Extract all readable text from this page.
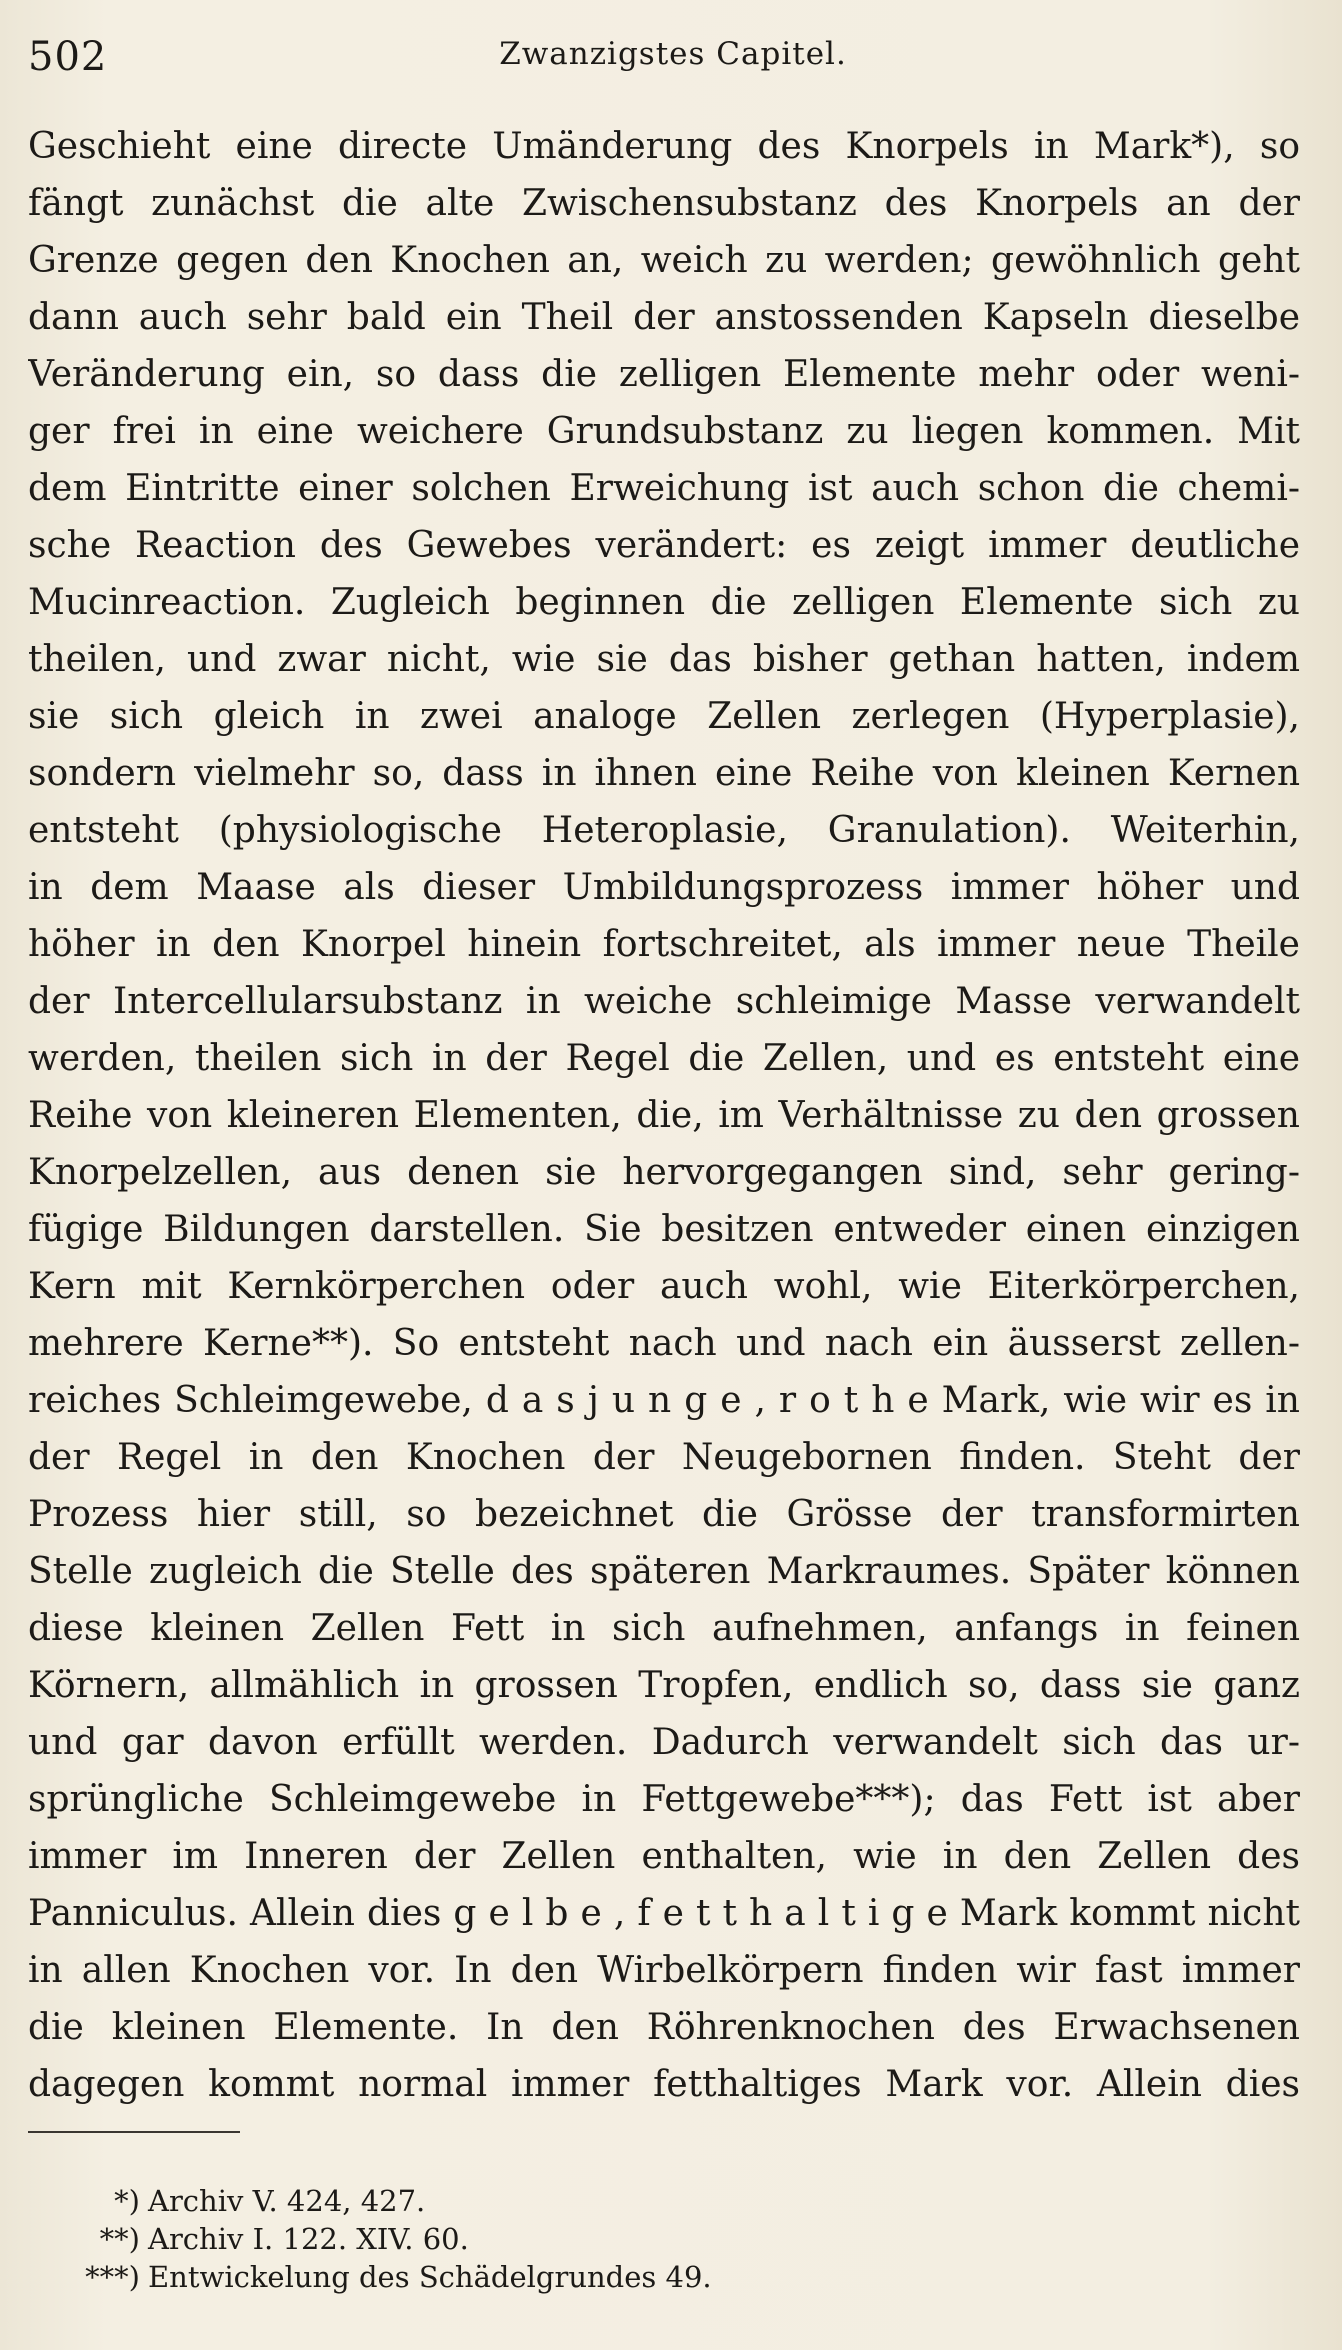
502	Zwanzigstes Capitel.
Geschieht eine directe Umänderung des Knorpels in Mark*), so
fängt zunächst die alte Zwischensubstanz des Knorpels an der
Grenze gegen den Knochen an, weich zu werden; gewöhnlich geht
dann auch sehr bald ein Theil der anstossenden Kapseln dieselbe
Veränderung ein, so dass die zelligen Elemente mehr oder weni-
ger frei in eine weichere Grundsubstanz zu liegen kommen. Mit
dem Eintritte einer solchen Erweichung ist auch schon die chemi-
sche Reaction des Gewebes verändert: es zeigt immer deutliche
Mucinreaction. Zugleich beginnen die zelligen Elemente sich zu
theilen, und zwar nicht, wie sie das bisher gethan hatten, indem
sie sich gleich in zwei analoge Zellen zerlegen (Hyperplasie),
sondern vielmehr so, dass in ihnen eine Reihe von kleinen Kernen
entsteht (physiologische Heteroplasie, Granulation). Weiterhin,
in dem Maase als dieser Umbildungsprozess immer höher und
höher in den Knorpel hinein fortschreitet, als immer neue Theile
der Intercellularsubstanz in weiche schleimige Masse verwandelt
werden, theilen sich in der Regel die Zellen, und es entsteht eine
Reihe von kleineren Elementen, die, im Verhältnisse zu den grossen
Knorpelzellen, aus denen sie hervorgegangen sind, sehr gering-
fügige Bildungen darstellen. Sie besitzen entweder einen einzigen
Kern mit Kernkörperchen oder auch wohl, wie Eiterkörperchen,
mehrere Kerne**). So entsteht nach und nach ein äusserst zellen-
reiches Schleimgewebe, d a s j u n g e , r o t h e Mark, wie wir es in
der Regel in den Knochen der Neugebornen finden. Steht der
Prozess hier still, so bezeichnet die Grösse der transformirten
Stelle zugleich die Stelle des späteren Markraumes. Später können
diese kleinen Zellen Fett in sich aufnehmen, anfangs in feinen
Körnern, allmählich in grossen Tropfen, endlich so, dass sie ganz
und gar davon erfüllt werden. Dadurch verwandelt sich das ur-
sprüngliche Schleimgewebe in Fettgewebe***); das Fett ist aber
immer im Inneren der Zellen enthalten, wie in den Zellen des
Panniculus. Allein dies g e l b e , f e t t h a l t i g e Mark kommt nicht
in allen Knochen vor. In den Wirbelkörpern finden wir fast immer
die kleinen Elemente. In den Röhrenknochen des Erwachsenen
dagegen kommt normal immer fetthaltiges Mark vor. Allein dies
*) Archiv V. 424, 427.
**) Archiv I. 122. XIV. 60.
***) Entwickelung des Schädelgrundes 49.
